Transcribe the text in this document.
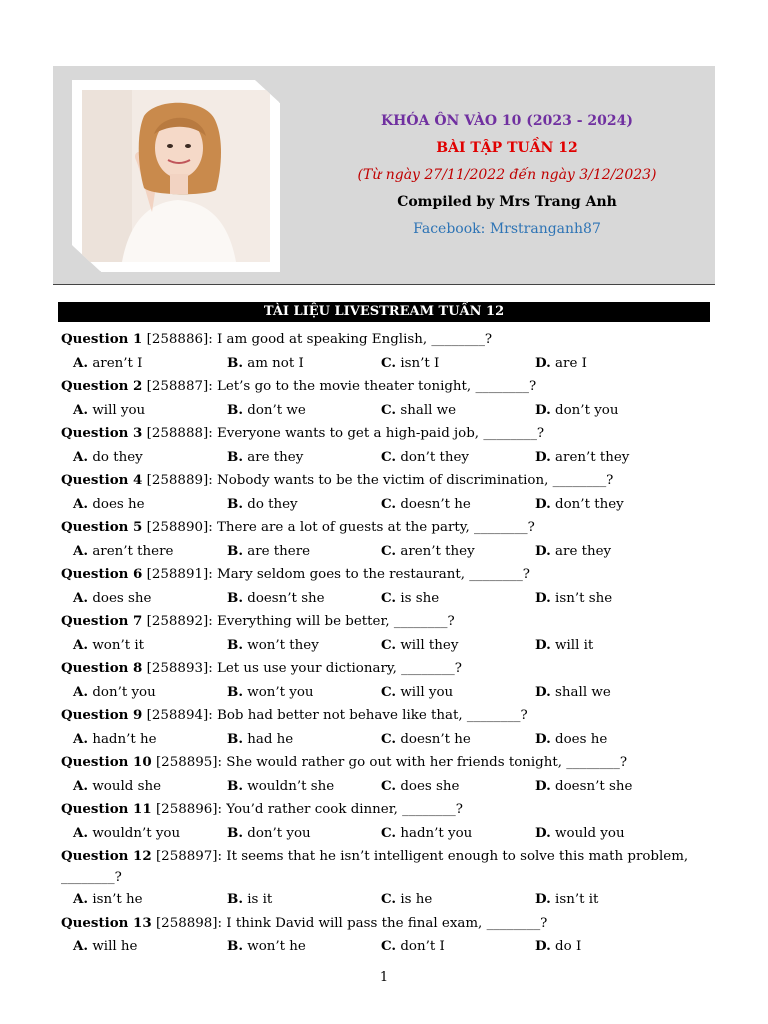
KHÓA ÔN VÀO 10 (2023 - 2024)
BÀI TẬP TUẦN 12
(Từ ngày 27/11/2022 đến ngày 3/12/2023)
Compiled by Mrs Trang Anh
Facebook: Mrstranganh87
TÀI LIỆU LIVESTREAM TUẦN 12
Question 1 [258886]: I am good at speaking English, ________?
A. aren’t I	B. am not I	C. isn’t I	D. are I
Question 2 [258887]: Let’s go to the movie theater tonight, ________?
A. will you	B. don’t we	C. shall we	D. don’t you
Question 3 [258888]: Everyone wants to get a high-paid job, ________?
A. do they	B. are they	C. don’t they	D. aren’t they
Question 4 [258889]: Nobody wants to be the victim of discrimination, ________?
A. does he	B. do they	C. doesn’t he	D. don’t they
Question 5 [258890]: There are a lot of guests at the party, ________?
A. aren’t there	B. are there	C. aren’t they	D. are they
Question 6 [258891]: Mary seldom goes to the restaurant, ________?
A. does she	B. doesn’t she	C. is she	D. isn’t she
Question 7 [258892]: Everything will be better, ________?
A. won’t it	B. won’t they	C. will they	D. will it
Question 8 [258893]: Let us use your dictionary, ________?
A. don’t you	B. won’t you	C. will you	D. shall we
Question 9 [258894]: Bob had better not behave like that, ________?
A. hadn’t he	B. had he	C. doesn’t he	D. does he
Question 10 [258895]: She would rather go out with her friends tonight, ________?
A. would she	B. wouldn’t she	C. does she	D. doesn’t she
Question 11 [258896]: You’d rather cook dinner, ________?
A. wouldn’t you	B. don’t you	C. hadn’t you	D. would you
Question 12 [258897]: It seems that he isn’t intelligent enough to solve this math problem, ________?
A. isn’t he	B. is it	C. is he	D. isn’t it
Question 13 [258898]: I think David will pass the final exam, ________?
A. will he	B. won’t he	C. don’t I	D. do I
1
